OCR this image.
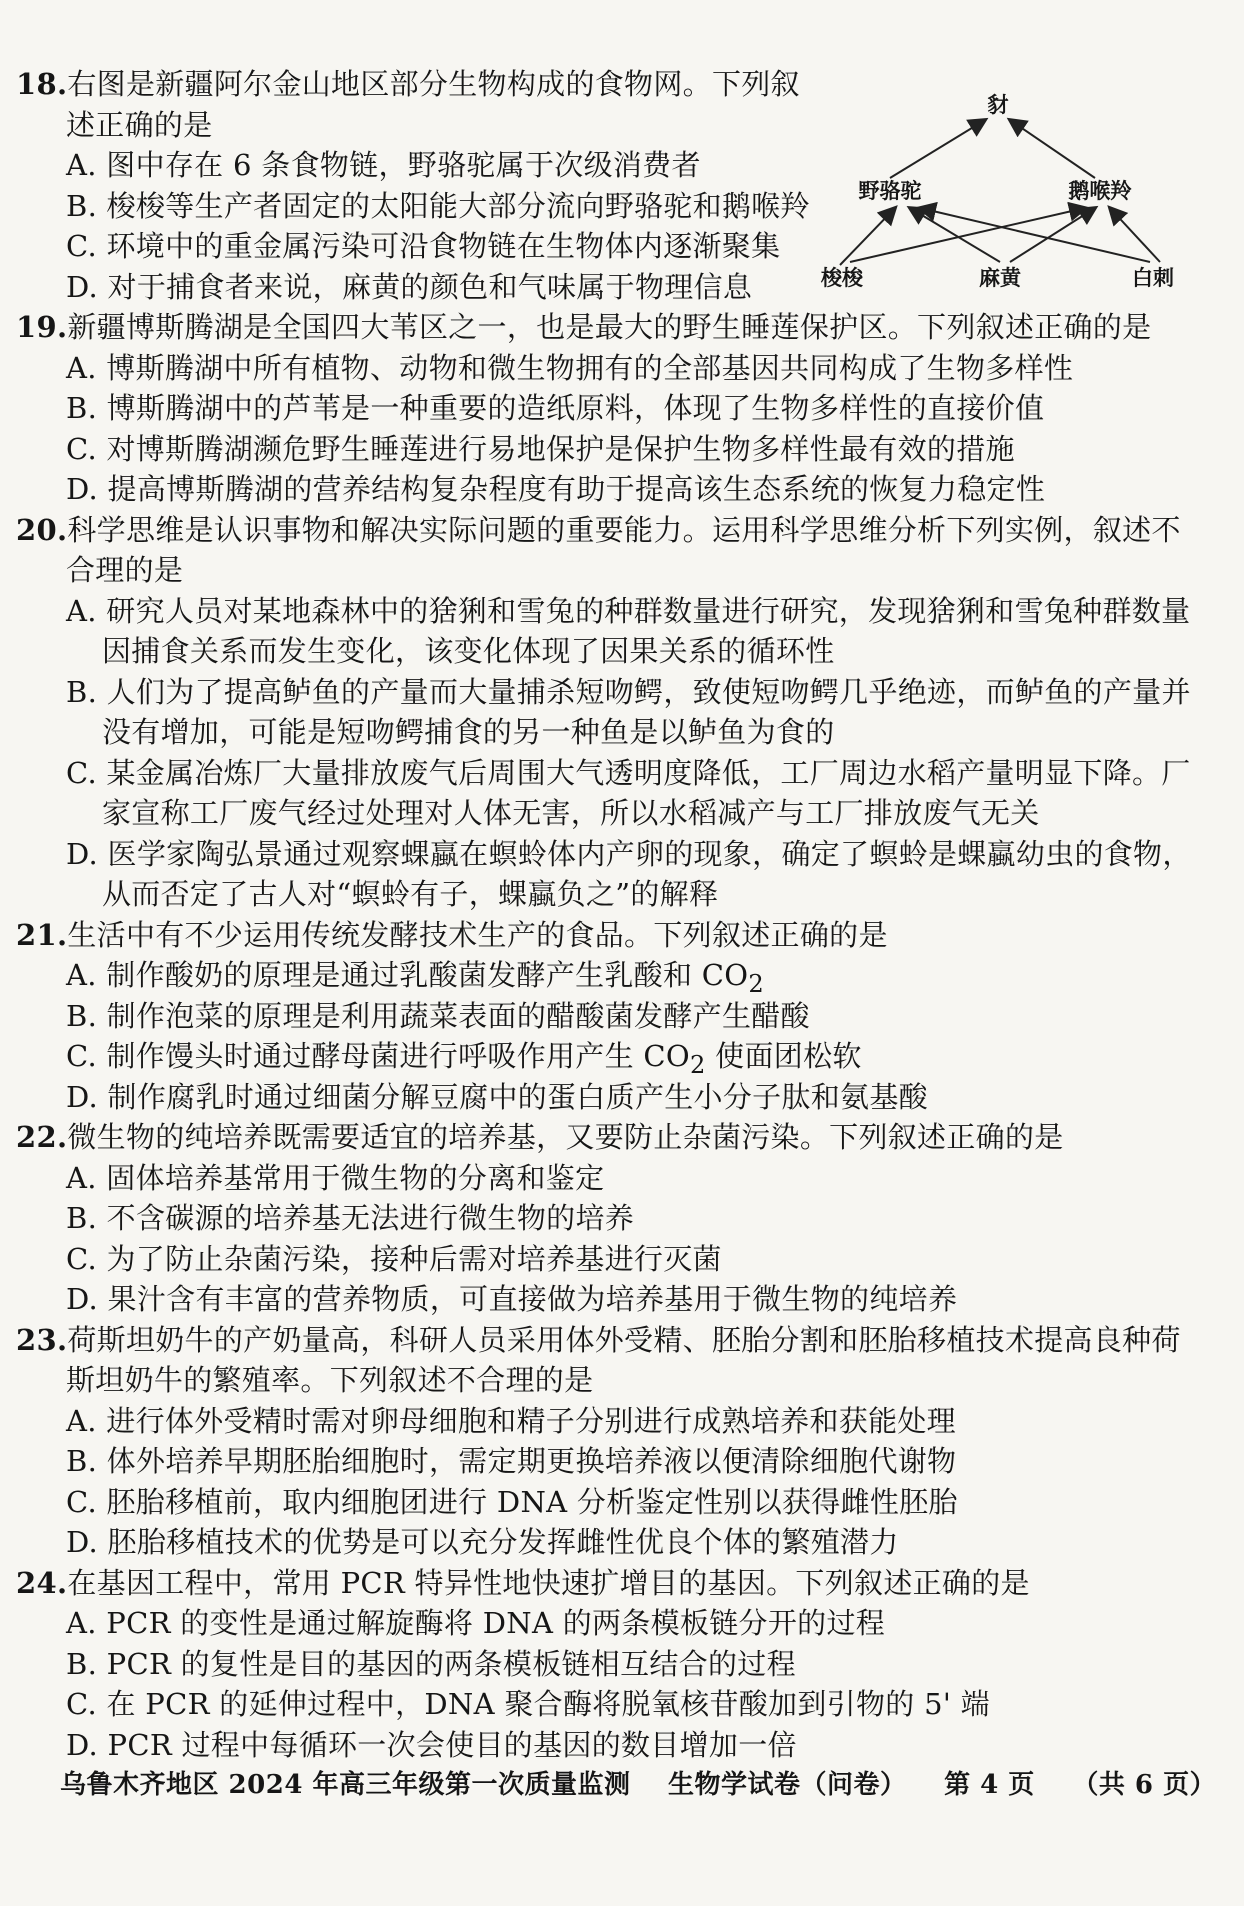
豺
野骆驼	鹅喉羚
梭梭	麻黄	白刺
18.右图是新疆阿尔金山地区部分生物构成的食物网。下列叙
述正确的是
A. 图中存在 6 条食物链，野骆驼属于次级消费者
B. 梭梭等生产者固定的太阳能大部分流向野骆驼和鹅喉羚
C. 环境中的重金属污染可沿食物链在生物体内逐渐聚集
D. 对于捕食者来说，麻黄的颜色和气味属于物理信息
19.新疆博斯腾湖是全国四大苇区之一，也是最大的野生睡莲保护区。下列叙述正确的是
A. 博斯腾湖中所有植物、动物和微生物拥有的全部基因共同构成了生物多样性
B. 博斯腾湖中的芦苇是一种重要的造纸原料，体现了生物多样性的直接价值
C. 对博斯腾湖濒危野生睡莲进行易地保护是保护生物多样性最有效的措施
D. 提高博斯腾湖的营养结构复杂程度有助于提高该生态系统的恢复力稳定性
20.科学思维是认识事物和解决实际问题的重要能力。运用科学思维分析下列实例，叙述不
合理的是
A. 研究人员对某地森林中的猞猁和雪兔的种群数量进行研究，发现猞猁和雪兔种群数量
因捕食关系而发生变化，该变化体现了因果关系的循环性
B. 人们为了提高鲈鱼的产量而大量捕杀短吻鳄，致使短吻鳄几乎绝迹，而鲈鱼的产量并
没有增加，可能是短吻鳄捕食的另一种鱼是以鲈鱼为食的
C. 某金属冶炼厂大量排放废气后周围大气透明度降低，工厂周边水稻产量明显下降。厂
家宣称工厂废气经过处理对人体无害，所以水稻减产与工厂排放废气无关
D. 医学家陶弘景通过观察蜾蠃在螟蛉体内产卵的现象，确定了螟蛉是蜾蠃幼虫的食物，
从而否定了古人对“螟蛉有子，蜾蠃负之”的解释
21.生活中有不少运用传统发酵技术生产的食品。下列叙述正确的是
A. 制作酸奶的原理是通过乳酸菌发酵产生乳酸和 $CO_2$
B. 制作泡菜的原理是利用蔬菜表面的醋酸菌发酵产生醋酸
C. 制作馒头时通过酵母菌进行呼吸作用产生 $CO_2$ 使面团松软
D. 制作腐乳时通过细菌分解豆腐中的蛋白质产生小分子肽和氨基酸
22.微生物的纯培养既需要适宜的培养基，又要防止杂菌污染。下列叙述正确的是
A. 固体培养基常用于微生物的分离和鉴定
B. 不含碳源的培养基无法进行微生物的培养
C. 为了防止杂菌污染，接种后需对培养基进行灭菌
D. 果汁含有丰富的营养物质，可直接做为培养基用于微生物的纯培养
23.荷斯坦奶牛的产奶量高，科研人员采用体外受精、胚胎分割和胚胎移植技术提高良种荷
斯坦奶牛的繁殖率。下列叙述不合理的是
A. 进行体外受精时需对卵母细胞和精子分别进行成熟培养和获能处理
B. 体外培养早期胚胎细胞时，需定期更换培养液以便清除细胞代谢物
C. 胚胎移植前，取内细胞团进行 DNA 分析鉴定性别以获得雌性胚胎
D. 胚胎移植技术的优势是可以充分发挥雌性优良个体的繁殖潜力
24.在基因工程中，常用 PCR 特异性地快速扩增目的基因。下列叙述正确的是
A. PCR 的变性是通过解旋酶将 DNA 的两条模板链分开的过程
B. PCR 的复性是目的基因的两条模板链相互结合的过程
C. 在 PCR 的延伸过程中，DNA 聚合酶将脱氧核苷酸加到引物的 5' 端
D. PCR 过程中每循环一次会使目的基因的数目增加一倍
乌鲁木齐地区 2024 年高三年级第一次质量监测 生物学试卷（问卷） 第 4 页 （共 6 页）
